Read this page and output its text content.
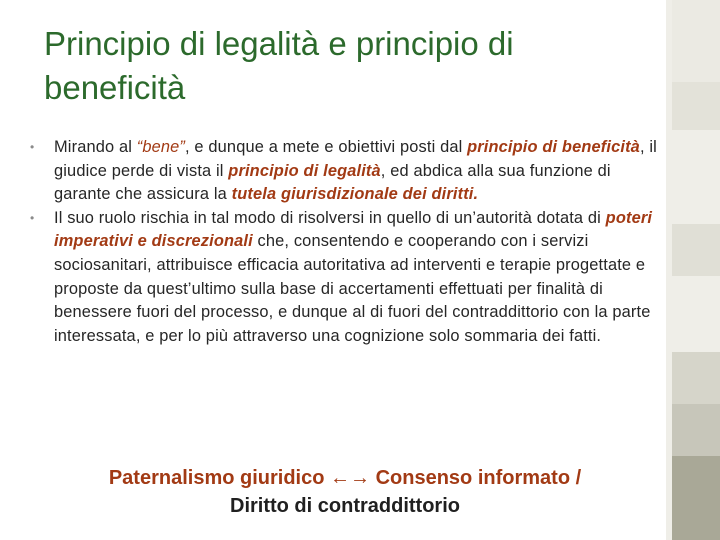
Principio di legalità e principio di
beneficità
• Mirando al “bene”, e dunque a mete e obiettivi posti dal principio di beneficità, il giudice perde di vista il principio di legalità, ed abdica alla sua funzione di garante che assicura la tutela giurisdizionale dei diritti.
• Il suo ruolo rischia in tal modo di risolversi in quello di un’autorità dotata di poteri imperativi e discrezionali che, consentendo e cooperando con i servizi sociosanitari, attribuisce efficacia autoritativa ad interventi e terapie progettate e proposte da quest’ultimo sulla base di accertamenti effettuati per finalità di benessere fuori del processo, e dunque al di fuori del contraddittorio con la parte interessata, e per lo più attraverso una cognizione solo sommaria dei fatti.
Paternalismo giuridico ←→ Consenso informato /
Diritto di contraddittorio
